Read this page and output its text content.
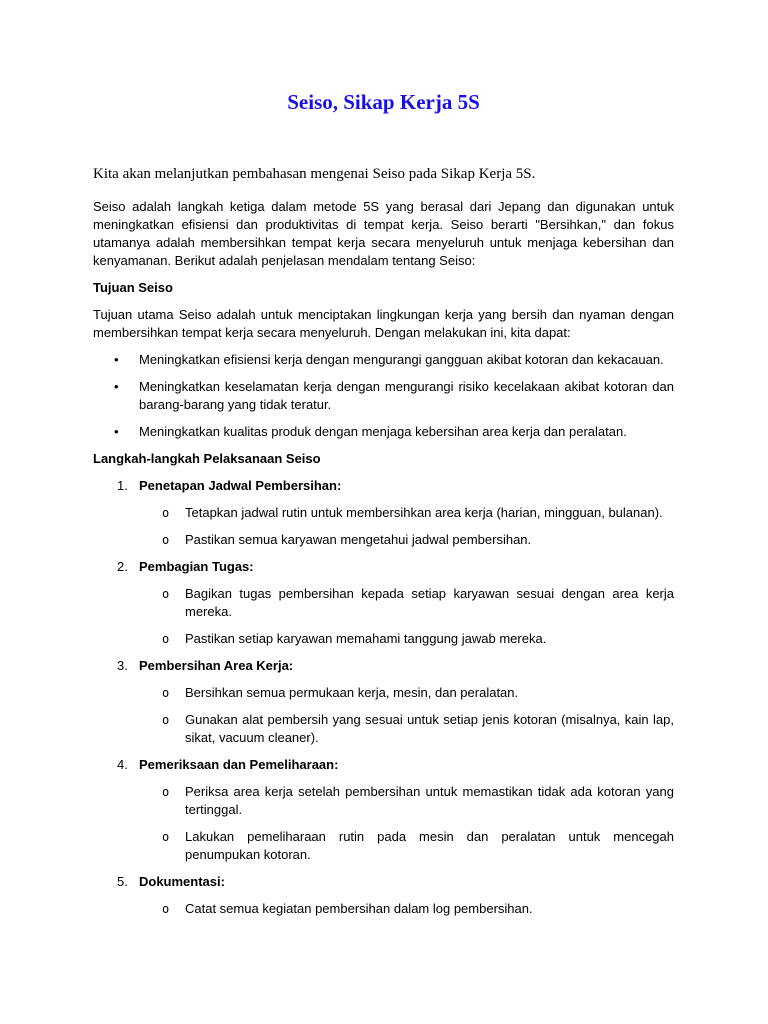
Seiso, Sikap Kerja 5S

Kita akan melanjutkan pembahasan mengenai Seiso pada Sikap Kerja 5S.

Seiso adalah langkah ketiga dalam metode 5S yang berasal dari Jepang dan digunakan untuk meningkatkan efisiensi dan produktivitas di tempat kerja. Seiso berarti "Bersihkan," dan fokus utamanya adalah membersihkan tempat kerja secara menyeluruh untuk menjaga kebersihan dan kenyamanan. Berikut adalah penjelasan mendalam tentang Seiso:

Tujuan Seiso

Tujuan utama Seiso adalah untuk menciptakan lingkungan kerja yang bersih dan nyaman dengan membersihkan tempat kerja secara menyeluruh. Dengan melakukan ini, kita dapat:

• Meningkatkan efisiensi kerja dengan mengurangi gangguan akibat kotoran dan kekacauan.
• Meningkatkan keselamatan kerja dengan mengurangi risiko kecelakaan akibat kotoran dan barang-barang yang tidak teratur.
• Meningkatkan kualitas produk dengan menjaga kebersihan area kerja dan peralatan.
Langkah-langkah Pelaksanaan Seiso
1. Penetapan Jadwal Pembersihan:
o Tetapkan jadwal rutin untuk membersihkan area kerja (harian, mingguan, bulanan).
o Pastikan semua karyawan mengetahui jadwal pembersihan.
2. Pembagian Tugas:
o Bagikan tugas pembersihan kepada setiap karyawan sesuai dengan area kerja mereka.
o Pastikan setiap karyawan memahami tanggung jawab mereka.
3. Pembersihan Area Kerja:
o Bersihkan semua permukaan kerja, mesin, dan peralatan.
o Gunakan alat pembersih yang sesuai untuk setiap jenis kotoran (misalnya, kain lap, sikat, vacuum cleaner).
4. Pemeriksaan dan Pemeliharaan:
o Periksa area kerja setelah pembersihan untuk memastikan tidak ada kotoran yang tertinggal.
o Lakukan pemeliharaan rutin pada mesin dan peralatan untuk mencegah penumpukan kotoran.
5. Dokumentasi:
o Catat semua kegiatan pembersihan dalam log pembersihan.
